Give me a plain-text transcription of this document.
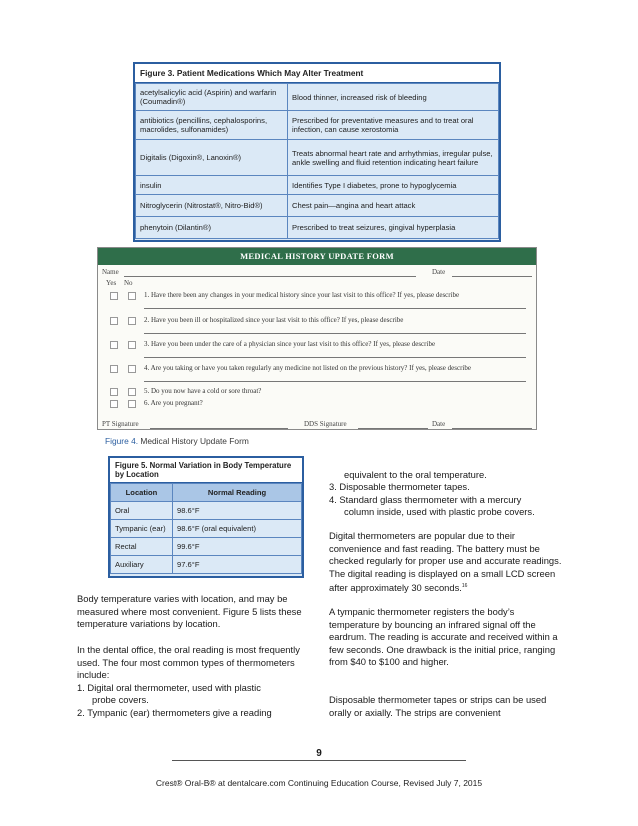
Figure 3. Patient Medications Which May Alter Treatment
acetylsalicylic acid (Aspirin) and warfarin (Coumadin®)	Blood thinner, increased risk of bleeding
antibiotics (pencillins, cephalosporins, macrolides, sulfonamides)	Prescribed for preventative measures and to treat oral infection, can cause xerostomia
Digitalis (Digoxin®, Lanoxin®)	Treats abnormal heart rate and arrhythmias, irregular pulse, ankle swelling and fluid retention indicating heart failure
insulin	Identifies Type I diabetes, prone to hypoglycemia
Nitroglycerin (Nitrostat®, Nitro-Bid®)	Chest pain—angina and heart attack
phenytoin (Dilantin®)	Prescribed to treat seizures, gingival hyperplasia
MEDICAL HISTORY UPDATE FORM
Name	Date
Yes No
1. Have there been any changes in your medical history since your last visit to this office? If yes, please describe
2. Have you been ill or hospitalized since your last visit to this office? If yes, please describe
3. Have you been under the care of a physician since your last visit to this office? If yes, please describe
4. Are you taking or have you taken regularly any medicine not listed on the previous history? If yes, please describe
5. Do you now have a cold or sore throat?
6. Are you pregnant?
PT Signature	DDS Signature	Date
Figure 4. Medical History Update Form
Figure 5. Normal Variation in Body Temperature by Location
Location	Normal Reading
Oral	98.6°F
Tympanic (ear)	98.6°F (oral equivalent)
Rectal	99.6°F
Auxiliary	97.6°F
Body temperature varies with location, and may be measured where most convenient. Figure 5 lists these temperature variations by location.
In the dental office, the oral reading is most frequently used. The four most common types of thermometers include:
1. Digital oral thermometer, used with plastic
probe covers.
2. Tympanic (ear) thermometers give a reading
equivalent to the oral temperature.
3. Disposable thermometer tapes.
4. Standard glass thermometer with a mercury
column inside, used with plastic probe covers.
Digital thermometers are popular due to their convenience and fast reading. The battery must be checked regularly for proper use and accurate readings. The digital reading is displayed on a small LCD screen after approximately 30 seconds.$^{16}$
A tympanic thermometer registers the body’s temperature by bouncing an infrared signal off the eardrum. The reading is accurate and received within a few seconds. One drawback is the initial price, ranging from $40 to $100 and higher.
Disposable thermometer tapes or strips can be used orally or axially. The strips are convenient
9
Crest® Oral-B® at dentalcare.com Continuing Education Course, Revised July 7, 2015
